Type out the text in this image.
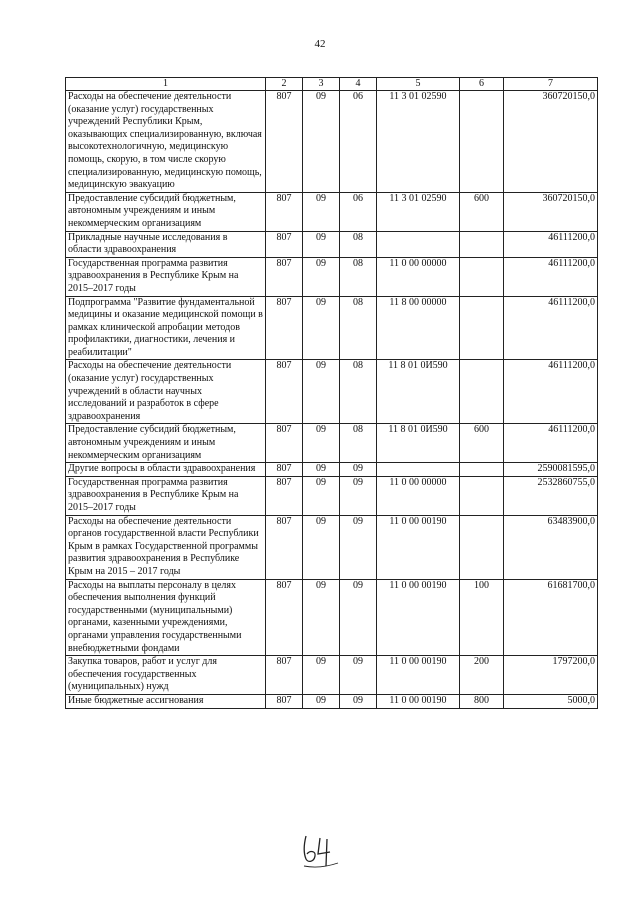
42
1	2	3	4	5	6	7
Расходы на обеспечение деятельности (оказание услуг) государственных учреждений Республики Крым, оказывающих специализированную, включая высокотехнологичную, медицинскую помощь, скорую, в том числе скорую специализированную, медицинскую помощь, медицинскую эвакуацию	807	09	06	11 3 01 02590		360720150,0
Предоставление субсидий бюджетным, автономным учреждениям и иным некоммерческим организациям	807	09	06	11 3 01 02590	600	360720150,0
Прикладные научные исследования в области здравоохранения	807	09	08			46111200,0
Государственная программа развития здравоохранения в Республике Крым на 2015–2017 годы	807	09	08	11 0 00 00000		46111200,0
Подпрограмма "Развитие фундаментальной медицины и оказание медицинской помощи в рамках клинической апробации методов профилактики, диагностики, лечения и реабилитации"	807	09	08	11 8 00 00000		46111200,0
Расходы на обеспечение деятельности (оказание услуг) государственных учреждений в области научных исследований и разработок в сфере здравоохранения	807	09	08	11 8 01 0И590		46111200,0
Предоставление субсидий бюджетным, автономным учреждениям и иным некоммерческим организациям	807	09	08	11 8 01 0И590	600	46111200,0
Другие вопросы в области здравоохранения	807	09	09			2590081595,0
Государственная программа развития здравоохранения в Республике Крым на 2015–2017 годы	807	09	09	11 0 00 00000		2532860755,0
Расходы на обеспечение деятельности органов государственной власти Республики Крым в рамках Государственной программы развития здравоохранения в Республике Крым на 2015 – 2017 годы	807	09	09	11 0 00 00190		63483900,0
Расходы на выплаты персоналу в целях обеспечения выполнения функций государственными (муниципальными) органами, казенными учреждениями, органами управления государственными внебюджетными фондами	807	09	09	11 0 00 00190	100	61681700,0
Закупка товаров, работ и услуг для обеспечения государственных (муниципальных) нужд	807	09	09	11 0 00 00190	200	1797200,0
Иные бюджетные ассигнования	807	09	09	11 0 00 00190	800	5000,0
